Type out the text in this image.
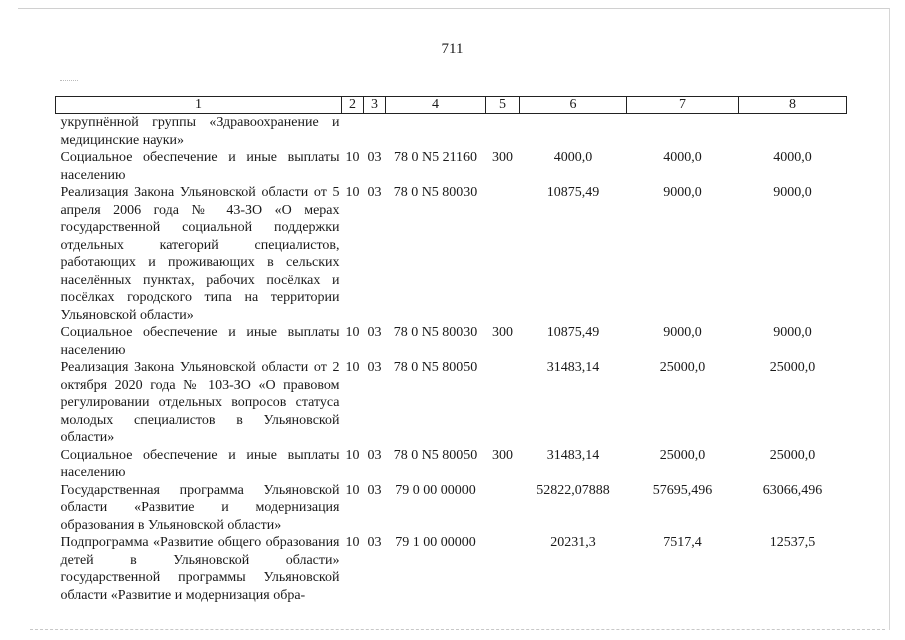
711
1	2	3	4	5	6	7	8
укрупнённой группы «Здравоохранение и медицинские науки»							
Социальное обеспечение и иные выплаты населению	10	03	78 0 N5 21160	300	4000,0	4000,0	4000,0
Реализация Закона Ульяновской области от 5 апреля 2006 года № 43-ЗО «О мерах государственной социальной поддержки отдельных категорий специалистов, работающих и проживающих в сельских населённых пунктах, рабочих посёлках и посёлках городского типа на территории Ульяновской области»	10	03	78 0 N5 80030		10875,49	9000,0	9000,0
Социальное обеспечение и иные выплаты населению	10	03	78 0 N5 80030	300	10875,49	9000,0	9000,0
Реализация Закона Ульяновской области от 2 октября 2020 года № 103-ЗО «О правовом регулировании отдельных вопросов статуса молодых специалистов в Ульяновской области»	10	03	78 0 N5 80050		31483,14	25000,0	25000,0
Социальное обеспечение и иные выплаты населению	10	03	78 0 N5 80050	300	31483,14	25000,0	25000,0
Государственная программа Ульяновской области «Развитие и модернизация образования в Ульяновской области»	10	03	79 0 00 00000		52822,07888	57695,496	63066,496
Подпрограмма «Развитие общего образования детей в Ульяновской области» государственной программы Ульяновской области «Развитие и модернизация обра-	10	03	79 1 00 00000		20231,3	7517,4	12537,5
